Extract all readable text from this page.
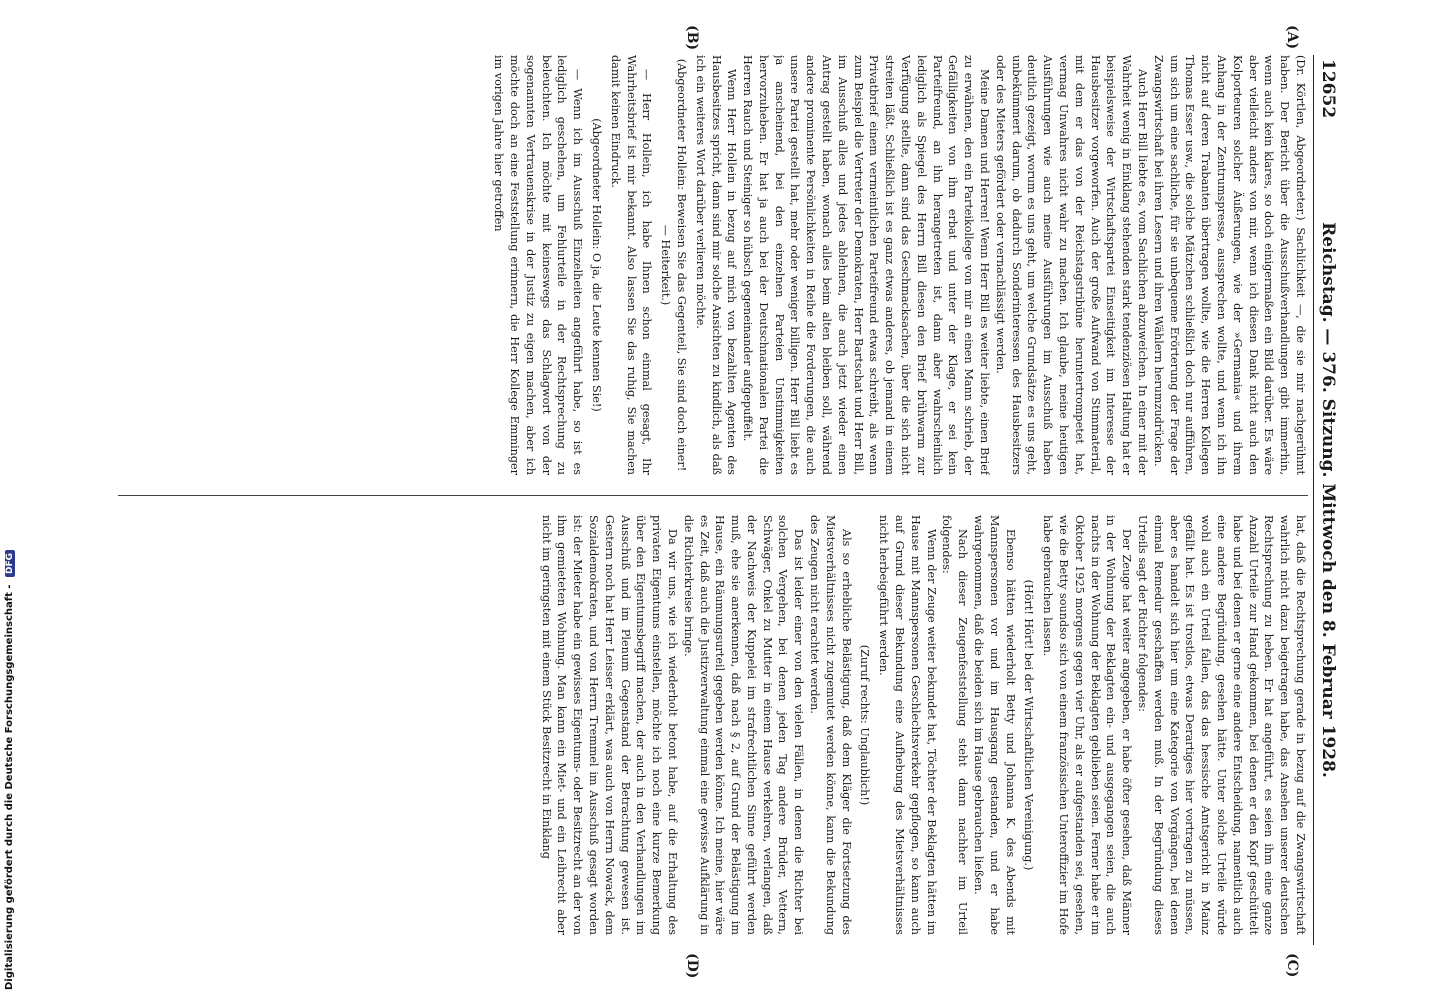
12652
Reichstag. — 376. Sitzung. Mittwoch den 8. Februar 1928.
(A)
(B)
(C)
(D)

(Dr. Körtlen, Abgeordneter.) Sachlichkeit —, die sie mir nachgerühmt haben. Der Bericht über die Ausschußverhandlungen gibt immerhin, wenn auch kein klares, so doch einigermaßen ein Bild darüber. Es wäre aber vielleicht anders von mir, wenn ich diesen Dank nicht auch den Kolporteuren solcher Äußerungen, wie der »Germania« und ihrem Anhang in der Zentrumspresse, aussprechen wollte, und wenn ich ihn nicht auf deren Trabanten übertragen wollte, wie die Herren Kollegen Thomas Esser usw., die solche Mätzchen schließlich doch nur aufführen, um sich um eine sachliche, für sie unbequeme Erörterung der Frage der Zwangswirtschaft bei ihren Lesern und ihren Wählern herumzudrücken.

Auch Herr Bill liebte es, vom Sachlichen abzuweichen. In einer mit der Wahrheit wenig in Einklang stehenden stark tendenziösen Haltung hat er beispielsweise der Wirtschaftspartei Einseitigkeit im Interesse der Hausbesitzer vorgeworfen. Auch der große Aufwand von Stimmaterial, mit dem er das von der Reichstagstribüne heruntertrompetet hat, vermag Unwahres nicht wahr zu machen. Ich glaube, meine heutigen Ausführungen wie auch meine Ausführungen im Ausschuß haben deutlich gezeigt, worum es uns geht, um welche Grundsätze es uns geht, unbekümmert darum, ob dadurch Sonderinteressen des Hausbesitzers oder des Mieters gefördert oder vernachlässigt werden.

Meine Damen und Herren! Wenn Herr Bill es weiter liebte, einen Brief zu erwähnen, den ein Parteikollege von mir an einen Mann schrieb, der Gefälligkeiten von ihm erbat und unter der Klage, er sei kein Parteifreund, an ihn herangetreten ist, dann aber wahrscheinlich lediglich als Spiegel des Herrn Bill diesen den Brief brühwarm zur Verfügung stellte, dann sind das Geschmacksachen, über die sich nicht streiten läßt. Schließlich ist es ganz etwas anderes, ob jemand in einem Privatbrief einem vermeintlichen Parteifreund etwas schreibt, als wenn zum Beispiel die Vertreter der Demokraten, Herr Bartschat und Herr Bill, im Ausschuß alles und jedes ablehnen, die auch jetzt wieder einen Antrag gestellt haben, wonach alles beim alten bleiben soll, während andere prominente Persönlichkeiten in Reihe die Forderungen, die auch unsere Partei gestellt hat, mehr oder weniger billigen. Herr Bill liebt es ja anscheinend, bei den einzelnen Parteien Unstimmigkeiten hervorzuheben. Er hat ja auch bei der Deutschnationalen Partei die Herren Rauch und Steiniger so hübsch gegeneinander aufgepuffelt.

Wenn Herr Hollein in bezug auf mich von bezahlten Agenten des Hausbesitzes spricht, dann sind mir solche Ansichten zu kindlich, als daß ich ein weiteres Wort darüber verlieren möchte.

(Abgeordneter Hollein: Beweisen Sie das Gegenteil, Sie sind doch einer! — Heiterkeit.)

— Herr Hollein, ich habe Ihnen schon einmal gesagt, Ihr Wahrheitsbrief ist mir bekannt. Also lassen Sie das ruhig, Sie machen damit keinen Eindruck.

(Abgeordneter Hollein: O ja, die Leute kennen Sie!)

— Wenn ich im Ausschuß Einzelheiten angeführt habe, so ist es lediglich geschehen, um Fehlurteile in der Rechtsprechung zu beleuchten. Ich möchte mit keineswegs das Schlagwort von der sogenannten Vertrauenskrise in der Justiz zu eigen machen, aber ich möchte doch an eine Feststellung erinnern, die Herr Kollege Emminger im vorigen Jahre hier getroffen

hat, daß die Rechtsprechung gerade in bezug auf die Zwangswirtschaft wahrlich nicht dazu beigetragen habe, das Ansehen unserer deutschen Rechtsprechung zu heben. Er hat angeführt, es seien ihm eine ganze Anzahl Urteile zur Hand gekommen, bei denen er den Kopf geschüttelt habe und bei denen er gerne eine andere Entscheidung, namentlich auch eine andere Begründung, gesehen hätte. Unter solche Urteile würde wohl auch ein Urteil fallen, das das hessische Amtsgericht in Mainz gefällt hat. Es ist trostlos, etwas Derartiges hier vortragen zu müssen, aber es handelt sich hier um eine Kategorie von Vorgängen, bei denen einmal Remedur geschaffen werden muß. In der Begründung dieses Urteils sagt der Richter folgendes:

Der Zeuge hat weiter angegeben, er habe öfter gesehen, daß Männer in der Wohnung der Beklagten ein- und ausgegangen seien, die auch nachts in der Wohnung der Beklagten geblieben seien. Ferner habe er im Oktober 1925 morgens gegen vier Uhr, als er aufgestanden sei, gesehen, wie die Betty soundso sich von einem französischen Unteroffizier im Hofe habe gebrauchen lassen.

(Hört! Hört! bei der Wirtschaftlichen Vereinigung.)

Ebenso hätten wiederholt Betty und Johanna K. des Abends mit Mannspersonen vor und im Hausgang gestanden, und er habe wahrgenommen, daß die beiden sich im Hause gebrauchen ließen.

Nach dieser Zeugenfeststellung steht dann nachher im Urteil folgendes:

Wenn der Zeuge weiter bekundet hat, Töchter der Beklagten hätten im Hause mit Mannspersonen Geschlechtsverkehr gepflogen, so kann auch auf Grund dieser Bekundung eine Aufhebung des Mietsverhältnisses nicht herbeigeführt werden.

(Zuruf rechts: Unglaublich!)

Als so erhebliche Belästigung, daß dem Kläger die Fortsetzung des Mietsverhältnisses nicht zugemutet werden könne, kann die Bekundung des Zeugen nicht erachtet werden.

Das ist leider einer von den vielen Fällen, in denen die Richter bei solchen Vergehen, bei denen jeden Tag andere Brüder, Vettern, Schwäger, Onkel zu Mutter in einem Hause verkehren, verlangen, daß der Nachweis der Kuppelei im strafrechtlichen Sinne geführt werden muß, ehe sie anerkennen, daß nach § 2, auf Grund der Belästigung im Hause, ein Räumungsurteil gegeben werden könne. Ich meine, hier wäre es Zeit, daß auch die Justizverwaltung einmal eine gewisse Aufklärung in die Richterkreise bringe.

Da wir uns, wie ich wiederholt betont habe, auf die Erhaltung des privaten Eigentums einstellen, möchte ich noch eine kurze Bemerkung über den Eigentumsbegriff machen, der auch in den Verhandlungen im Ausschuß und im Plenum Gegenstand der Betrachtung gewesen ist. Gestern noch hat Herr Leisser erklärt, was auch von Herrn Nowack, dem Sozialdemokraten, und von Herrn Tremmel im Ausschuß gesagt worden ist: der Mieter habe ein gewisses Eigentums- oder Besitzrecht an der von ihm gemieteten Wohnung. Man kann ein Miet- und ein Leihrecht aber nicht im geringsten mit einem Stück Besitzrecht in Einklang

Digitalisierung gefördert durch die Deutsche Forschungsgemeinschaft - DFG
